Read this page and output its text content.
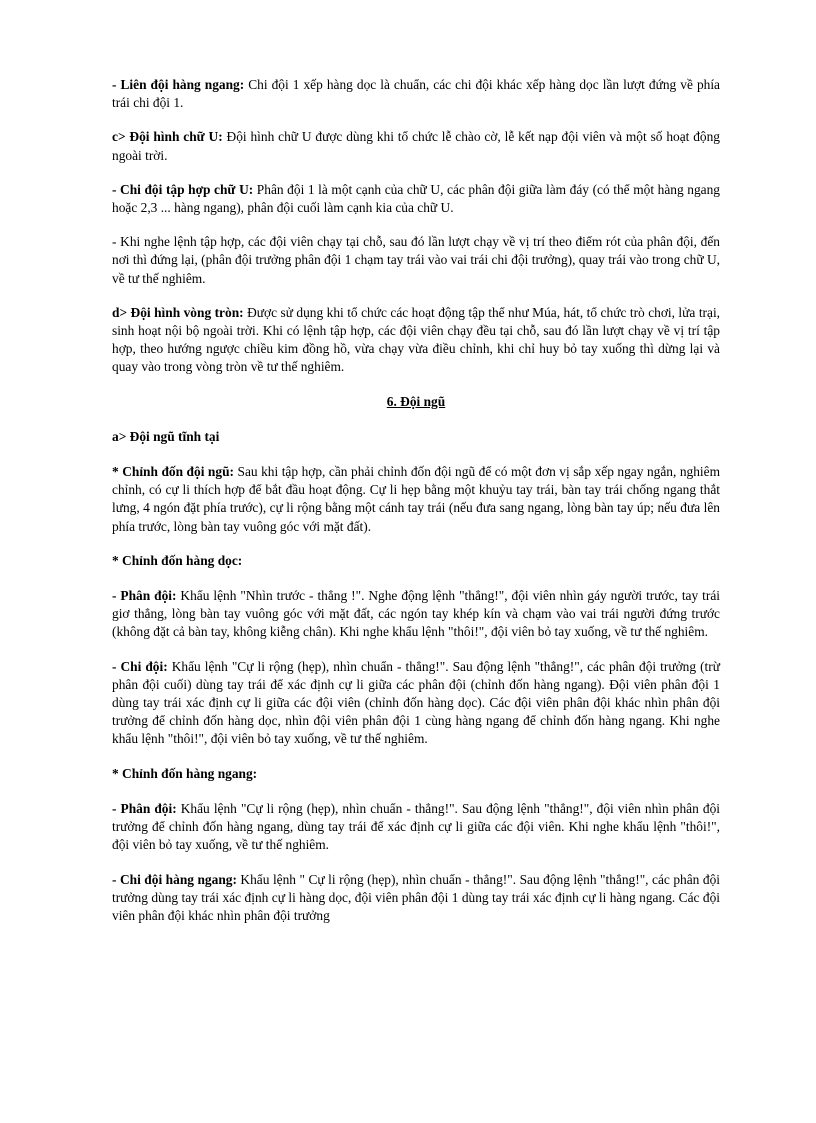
- Liên đội hàng ngang: Chi đội 1 xếp hàng dọc là chuẩn, các chi đội khác xếp hàng dọc lần lượt đứng về phía trái chi đội 1.

c> Đội hình chữ U: Đội hình chữ U được dùng khi tổ chức lễ chào cờ, lễ kết nạp đội viên và một số hoạt động ngoài trời.

- Chi đội tập hợp chữ U: Phân đội 1 là một cạnh của chữ U, các phân đội giữa làm đáy (có thể một hàng ngang hoặc 2,3 ... hàng ngang), phân đội cuối làm cạnh kia của chữ U.

- Khi nghe lệnh tập hợp, các đội viên chạy tại chỗ, sau đó lần lượt chạy về vị trí theo điểm rót của phân đội, đến nơi thì đứng lại, (phân đội trưởng phân đội 1 chạm tay trái vào vai trái chi đội trưởng), quay trái vào trong chữ U, về tư thế nghiêm.

d> Đội hình vòng tròn: Được sử dụng khi tổ chức các hoạt động tập thể như Múa, hát, tổ chức trò chơi, lửa trại, sinh hoạt nội bộ ngoài trời. Khi có lệnh tập hợp, các đội viên chạy đều tại chỗ, sau đó lần lượt chạy về vị trí tập hợp, theo hướng ngược chiều kim đồng hồ, vừa chạy vừa điều chỉnh, khi chỉ huy bỏ tay xuống thì dừng lại và quay vào trong vòng tròn về tư thế nghiêm.

6. Đội ngũ
a> Đội ngũ tĩnh tại

* Chỉnh đốn đội ngũ: Sau khi tập hợp, cần phải chỉnh đốn đội ngũ để có một đơn vị sắp xếp ngay ngắn, nghiêm chỉnh, có cự li thích hợp để bắt đầu hoạt động. Cự li hẹp bằng một khuỷu tay trái, bàn tay trái chống ngang thắt lưng, 4 ngón đặt phía trước), cự li rộng bằng một cánh tay trái (nếu đưa sang ngang, lòng bàn tay úp; nếu đưa lên phía trước, lòng bàn tay vuông góc với mặt đất).

* Chỉnh đốn hàng dọc:

- Phân đội: Khẩu lệnh "Nhìn trước - thẳng !". Nghe động lệnh "thẳng!", đội viên nhìn gáy người trước, tay trái giơ thẳng, lòng bàn tay vuông góc với mặt đất, các ngón tay khép kín và chạm vào vai trái người đứng trước (không đặt cả bàn tay, không kiễng chân). Khi nghe khẩu lệnh "thôi!", đội viên bỏ tay xuống, về tư thế nghiêm.

- Chi đội: Khẩu lệnh "Cự li rộng (hẹp), nhìn chuẩn - thẳng!". Sau động lệnh "thẳng!", các phân đội trưởng (trừ phân đội cuối) dùng tay trái để xác định cự li giữa các phân đội (chỉnh đốn hàng ngang). Đội viên phân đội 1 dùng tay trái xác định cự li giữa các đội viên (chỉnh đốn hàng dọc). Các đội viên phân đội khác nhìn phân đội trưởng để chỉnh đốn hàng dọc, nhìn đội viên phân đội 1 cùng hàng ngang để chỉnh đốn hàng ngang. Khi nghe khẩu lệnh "thôi!", đội viên bỏ tay xuống, về tư thế nghiêm.

* Chỉnh đốn hàng ngang:

- Phân đội: Khẩu lệnh "Cự li rộng (hẹp), nhìn chuẩn - thẳng!". Sau động lệnh "thẳng!", đội viên nhìn phân đội trưởng để chỉnh đốn hàng ngang, dùng tay trái để xác định cự li giữa các đội viên. Khi nghe khẩu lệnh "thôi!", đội viên bỏ tay xuống, về tư thế nghiêm.

- Chi đội hàng ngang: Khẩu lệnh " Cự li rộng (hẹp), nhìn chuẩn - thẳng!". Sau động lệnh "thẳng!", các phân đội trưởng dùng tay trái xác định cự li hàng dọc, đội viên phân đội 1 dùng tay trái xác định cự li hàng ngang. Các đội viên phân đội khác nhìn phân đội trưởng
